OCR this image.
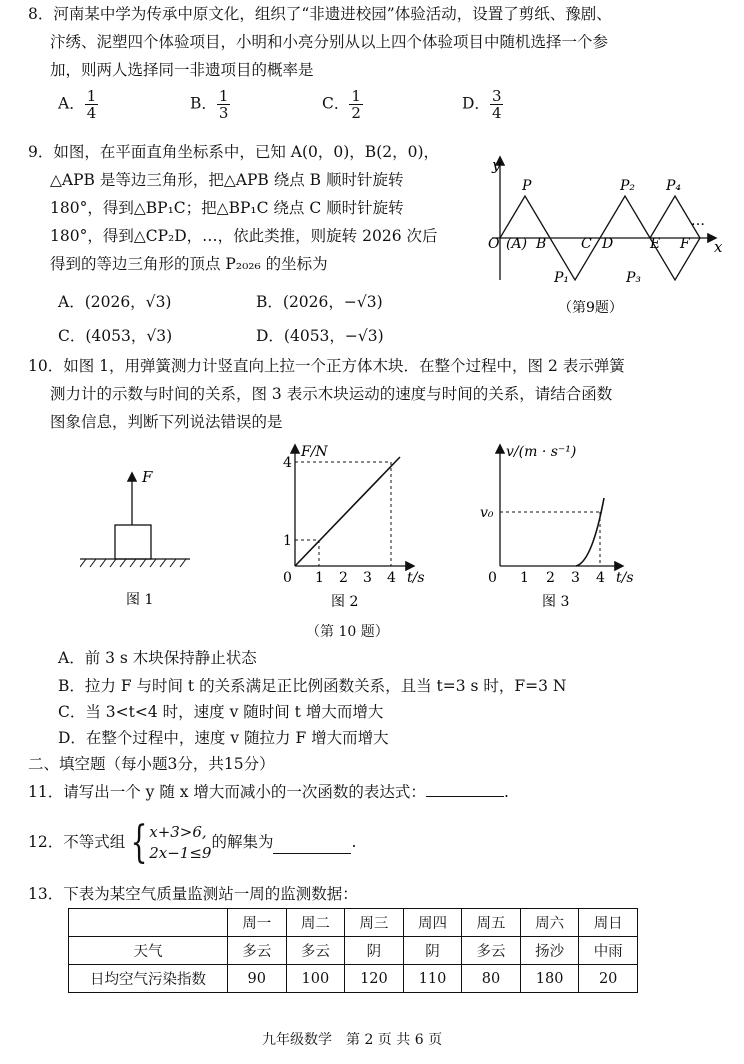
8．河南某中学为传承中原文化，组织了“非遗进校园”体验活动，设置了剪纸、豫剧、
汴绣、泥塑四个体验项目，小明和小亮分别从以上四个体验项目中随机选择一个参
加，则两人选择同一非遗项目的概率是
A． $\frac{1}{4}$	B． $\frac{1}{3}$	C． $\frac{1}{2}$	D． $\frac{3}{4}$
9．如图，在平面直角坐标系中，已知 A(0，0)，B(2，0)，
△APB 是等边三角形，把△APB 绕点 B 顺时针旋转
180°，得到△BP₁C；把△BP₁C 绕点 C 顺时针旋转
180°，得到△CP₂D，…，依此类推，则旋转 2026 次后
得到的等边三角形的顶点 P₂₀₂₆ 的坐标为
A．(2026，√3)	B．(2026，−√3)
C．(4053，√3)	D．(4053，−√3)
y
x
O (A) B C D	E F
P
P₁
P₂
P₃
P₄
…
（第9题）
10．如图 1，用弹簧测力计竖直向上拉一个正方体木块．在整个过程中，图 2 表示弹簧
测力计的示数与时间的关系，图 3 表示木块运动的速度与时间的关系，请结合函数
图象信息，判断下列说法错误的是
F
图 1
F/N
t/s
0 1 2 3 4
1
4
图 2
v/(m · s⁻¹)
t/s
0 1 2 3 4
v₀
图 3
（第 10 题）
A．前 3 s 木块保持静止状态
B．拉力 F 与时间 t 的关系满足正比例函数关系，且当 t=3 s 时，F=3 N
C．当 3<t<4 时，速度 v 随时间 t 增大而增大
D．在整个过程中，速度 v 随拉力 F 增大而增大
二、填空题（每小题3分，共15分）
11．请写出一个 y 随 x 增大而减小的一次函数的表达式：	.
12．不等式组 { x+3>6,
2x−1≤9
的解集为	.
13．下表为某空气质量监测站一周的监测数据：
	周一	周二	周三	周四	周五	周六	周日
天气	多云	多云	阴	阴	多云	扬沙	中雨
日均空气污染指数	90	100	120	110	80	180	20
九年级数学　第 2 页 共 6 页
